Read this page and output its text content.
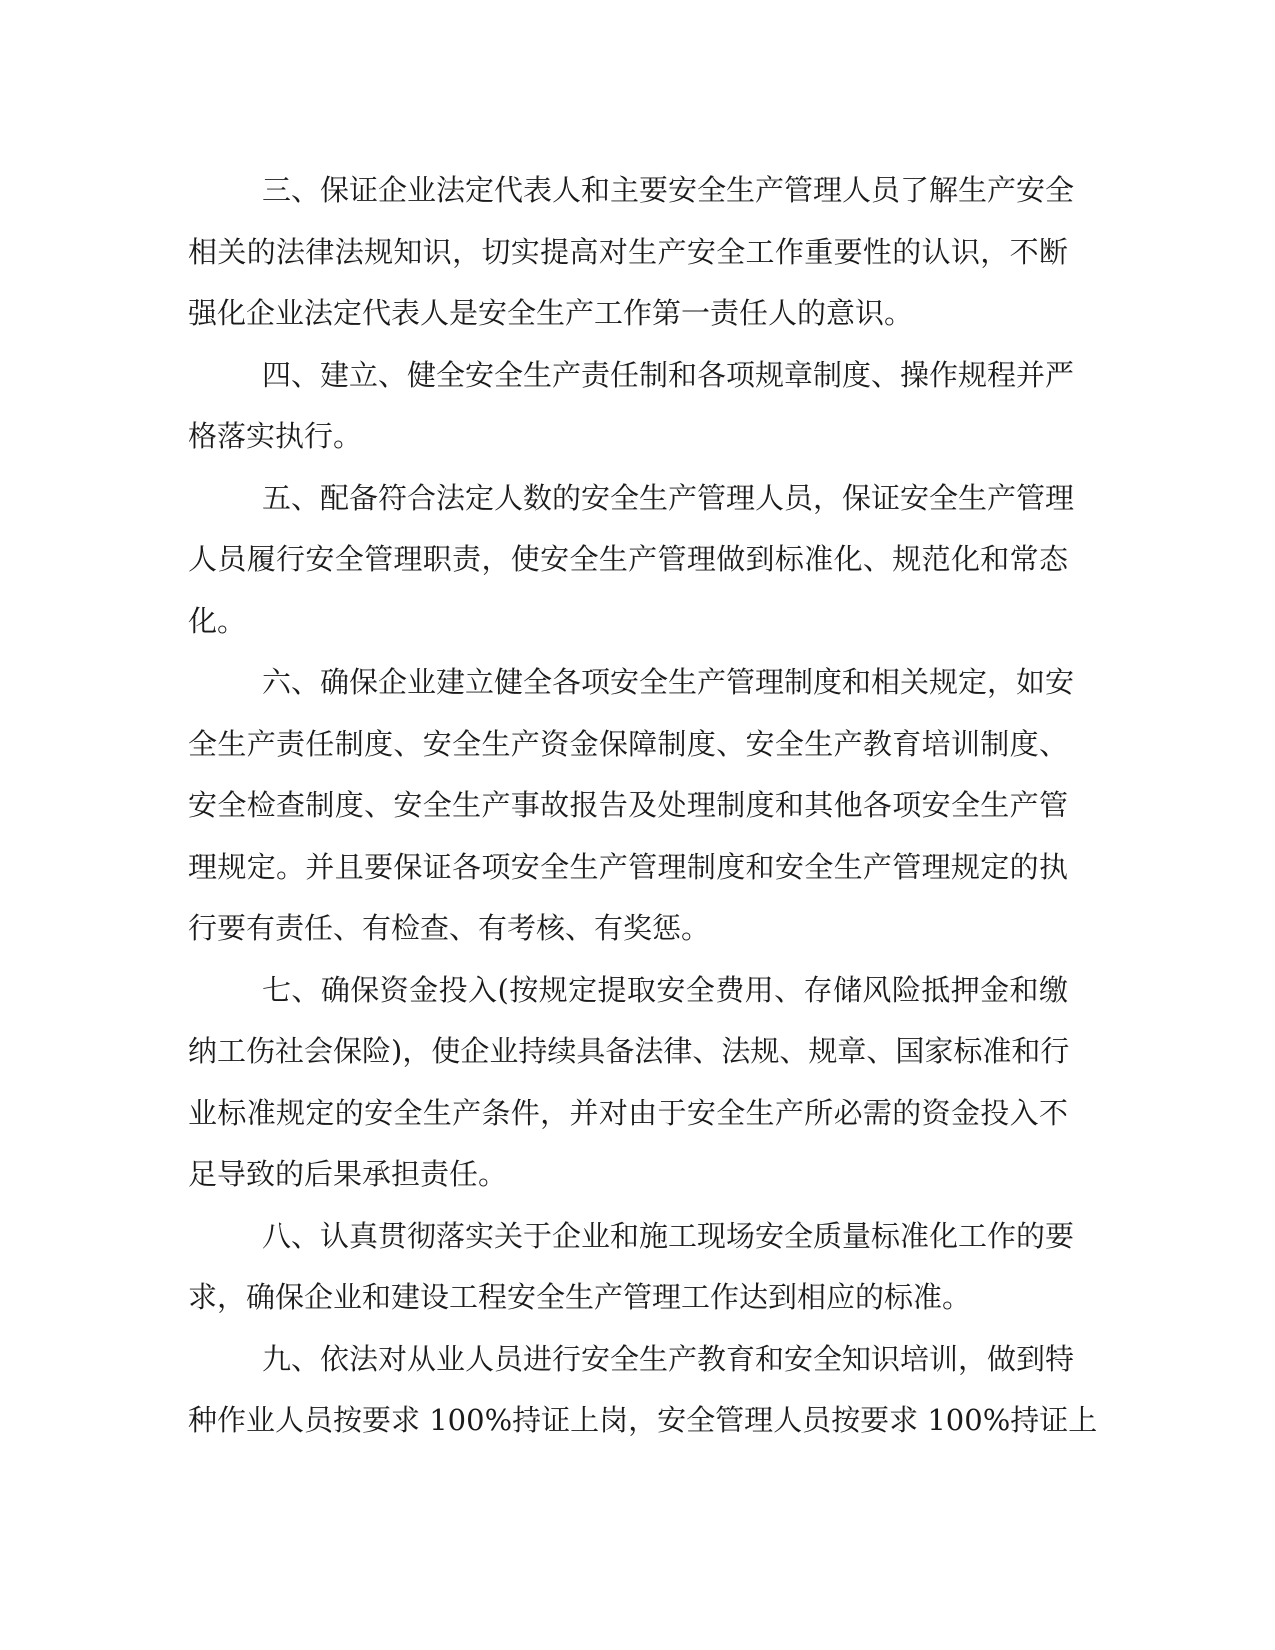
三、保证企业法定代表人和主要安全生产管理人员了解生产安全
相关的法律法规知识，切实提高对生产安全工作重要性的认识，不断
强化企业法定代表人是安全生产工作第一责任人的意识。
四、建立、健全安全生产责任制和各项规章制度、操作规程并严
格落实执行。
五、配备符合法定人数的安全生产管理人员，保证安全生产管理
人员履行安全管理职责，使安全生产管理做到标准化、规范化和常态
化。
六、确保企业建立健全各项安全生产管理制度和相关规定，如安
全生产责任制度、安全生产资金保障制度、安全生产教育培训制度、
安全检查制度、安全生产事故报告及处理制度和其他各项安全生产管
理规定。并且要保证各项安全生产管理制度和安全生产管理规定的执
行要有责任、有检查、有考核、有奖惩。
七、确保资金投入(按规定提取安全费用、存储风险抵押金和缴
纳工伤社会保险)，使企业持续具备法律、法规、规章、国家标准和行
业标准规定的安全生产条件，并对由于安全生产所必需的资金投入不
足导致的后果承担责任。
八、认真贯彻落实关于企业和施工现场安全质量标准化工作的要
求，确保企业和建设工程安全生产管理工作达到相应的标准。
九、依法对从业人员进行安全生产教育和安全知识培训，做到特
种作业人员按要求 100%持证上岗，安全管理人员按要求 100%持证上
